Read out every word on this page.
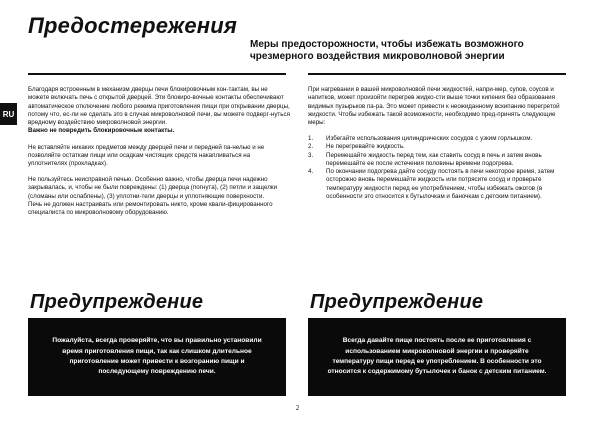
Предостережения

Меры предосторожности, чтобы избежать возможного чрезмерного воздействия микроволновой энергии

RU

Благодаря встроенным в механизм дверцы печи блокировочным кон-тактам, вы не можете включать печь с открытой дверцей. Эти блокиро-вочные контакты обеспечивают автоматическое отключение любого режима приготовления пищи при открывании дверцы, потому что, ес-ли не сделать это в случае микроволновой печи, вы можете подверг-нуться вредному воздействию микроволновой энергии.

Важно не повредить блокировочные контакты.

Не вставляйте никаких предметов между дверцей печи и передней па-нелью и не позволяйте остаткам пищи или осадкам чистящих средств накапливаться на уплотнителях (прокладках).

Не пользуйтесь неисправной печью. Особенно важно, чтобы дверца печи надежно закрывалась, и, чтобы не были повреждены: (1) дверца (погнута), (2) петли и защелки (сломаны или ослаблены), (3) уплотни-тели дверцы и уплотняющие поверхности.

Печь не должен настраивать или ремонтировать никто, кроме квали-фицированного специалиста по микроволновому оборудованию.

При нагревании в вашей микроволновой печи жидкостей, напри-мер, супов, соусов и напитков, может произойти перегрев жидко-сти выше точки кипения без образования видимых пузырьков па-ра. Это может привести к неожиданному вскипанию перегретой жидкости. Чтобы избежать такой возможности, необходимо пред-принять следующие меры:

1. Избегайте использования цилиндрических сосудов с узким горлышком.
2. Не перегревайте жидкость.
3. Перемешайте жидкость перед тем, как ставить сосуд в печь и затем вновь перемешайте ее после истечения половины времени подогрева.
4. По окончании подогрева дайте сосуду постоять в печи некоторое время, затем осторожно вновь перемешайте жидкость или потрясите сосуд и проверьте температуру жидкости перед ее употреблением, чтобы избежать ожогов (в особенности это относится к бутылочкам и баночкам с детским питанием).
Предупреждение	Предупреждение
Пожалуйста, всегда проверяйте, что вы правильно установили время приготовления пищи, так как слишком длительное приготовление может привести к возгоранию пищи и последующему повреждению печи.
Всегда давайте пище постоять после ее приготовления с использованием микроволновой энергии и проверяйте температуру пищи перед ее употреблением. В особенности это относится к содержимому бутылочек и банок с детским питанием.
2
